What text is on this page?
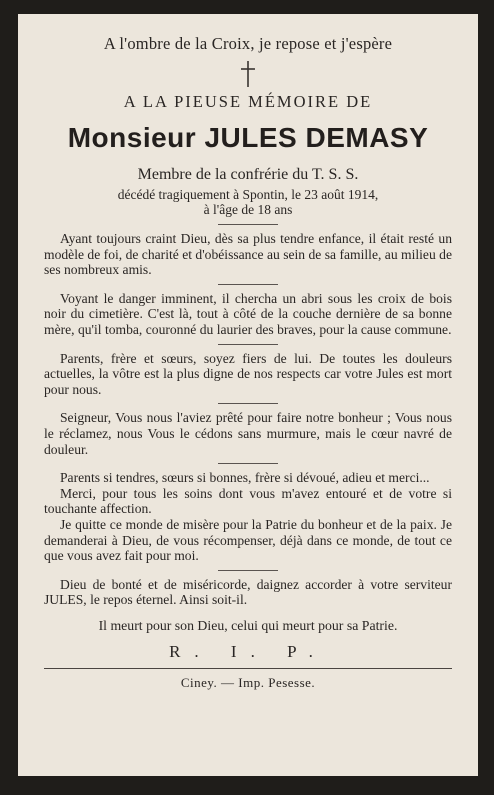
A l'ombre de la Croix, je repose et j'espère
A LA PIEUSE MÉMOIRE DE
Monsieur JULES DEMASY
Membre de la confrérie du T. S. S.
décédé tragiquement à Spontin, le 23 août 1914,
à l'âge de 18 ans

Ayant toujours craint Dieu, dès sa plus tendre enfance, il était resté un modèle de foi, de charité et d'obéissance au sein de sa famille, au milieu de ses nombreux amis.

Voyant le danger imminent, il chercha un abri sous les croix de bois noir du cimetière. C'est là, tout à côté de la couche dernière de sa bonne mère, qu'il tomba, couronné du laurier des braves, pour la cause commune.

Parents, frère et sœurs, soyez fiers de lui. De toutes les douleurs actuelles, la vôtre est la plus digne de nos respects car votre Jules est mort pour nous.

Seigneur, Vous nous l'aviez prêté pour faire notre bonheur ; Vous nous le réclamez, nous Vous le cédons sans murmure, mais le cœur navré de douleur.

Parents si tendres, sœurs si bonnes, frère si dévoué, adieu et merci...

Merci, pour tous les soins dont vous m'avez entouré et de votre si touchante affection.

Je quitte ce monde de misère pour la Patrie du bonheur et de la paix. Je demanderai à Dieu, de vous récompenser, déjà dans ce monde, de tout ce que vous avez fait pour moi.

Dieu de bonté et de miséricorde, daignez accorder à votre serviteur JULES, le repos éternel. Ainsi soit-il.

Il meurt pour son Dieu, celui qui meurt pour sa Patrie.
R. I. P.
Ciney. — Imp. Pesesse.
